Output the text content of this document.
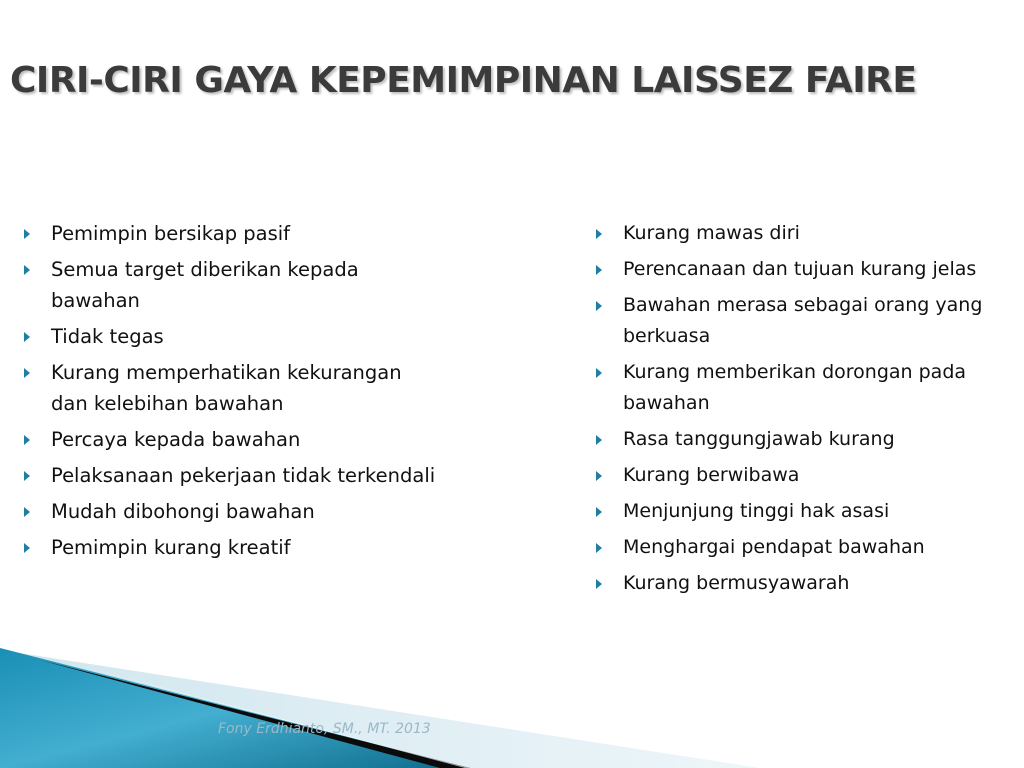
CIRI-CIRI GAYA KEPEMIMPINAN LAISSEZ FAIRE
Pemimpin bersikap pasif
Semua target diberikan kepada bawahan
Tidak tegas
Kurang memperhatikan kekurangan dan kelebihan bawahan
Percaya kepada bawahan
Pelaksanaan pekerjaan tidak terkendali
Mudah dibohongi bawahan
Pemimpin kurang kreatif
Kurang mawas diri
Perencanaan dan tujuan kurang jelas
Bawahan merasa sebagai orang yang berkuasa
Kurang memberikan dorongan pada bawahan
Rasa tanggungjawab kurang
Kurang berwibawa
Menjunjung tinggi hak asasi
Menghargai pendapat bawahan
Kurang bermusyawarah

Fony Erdhianto, SM., MT. 2013
